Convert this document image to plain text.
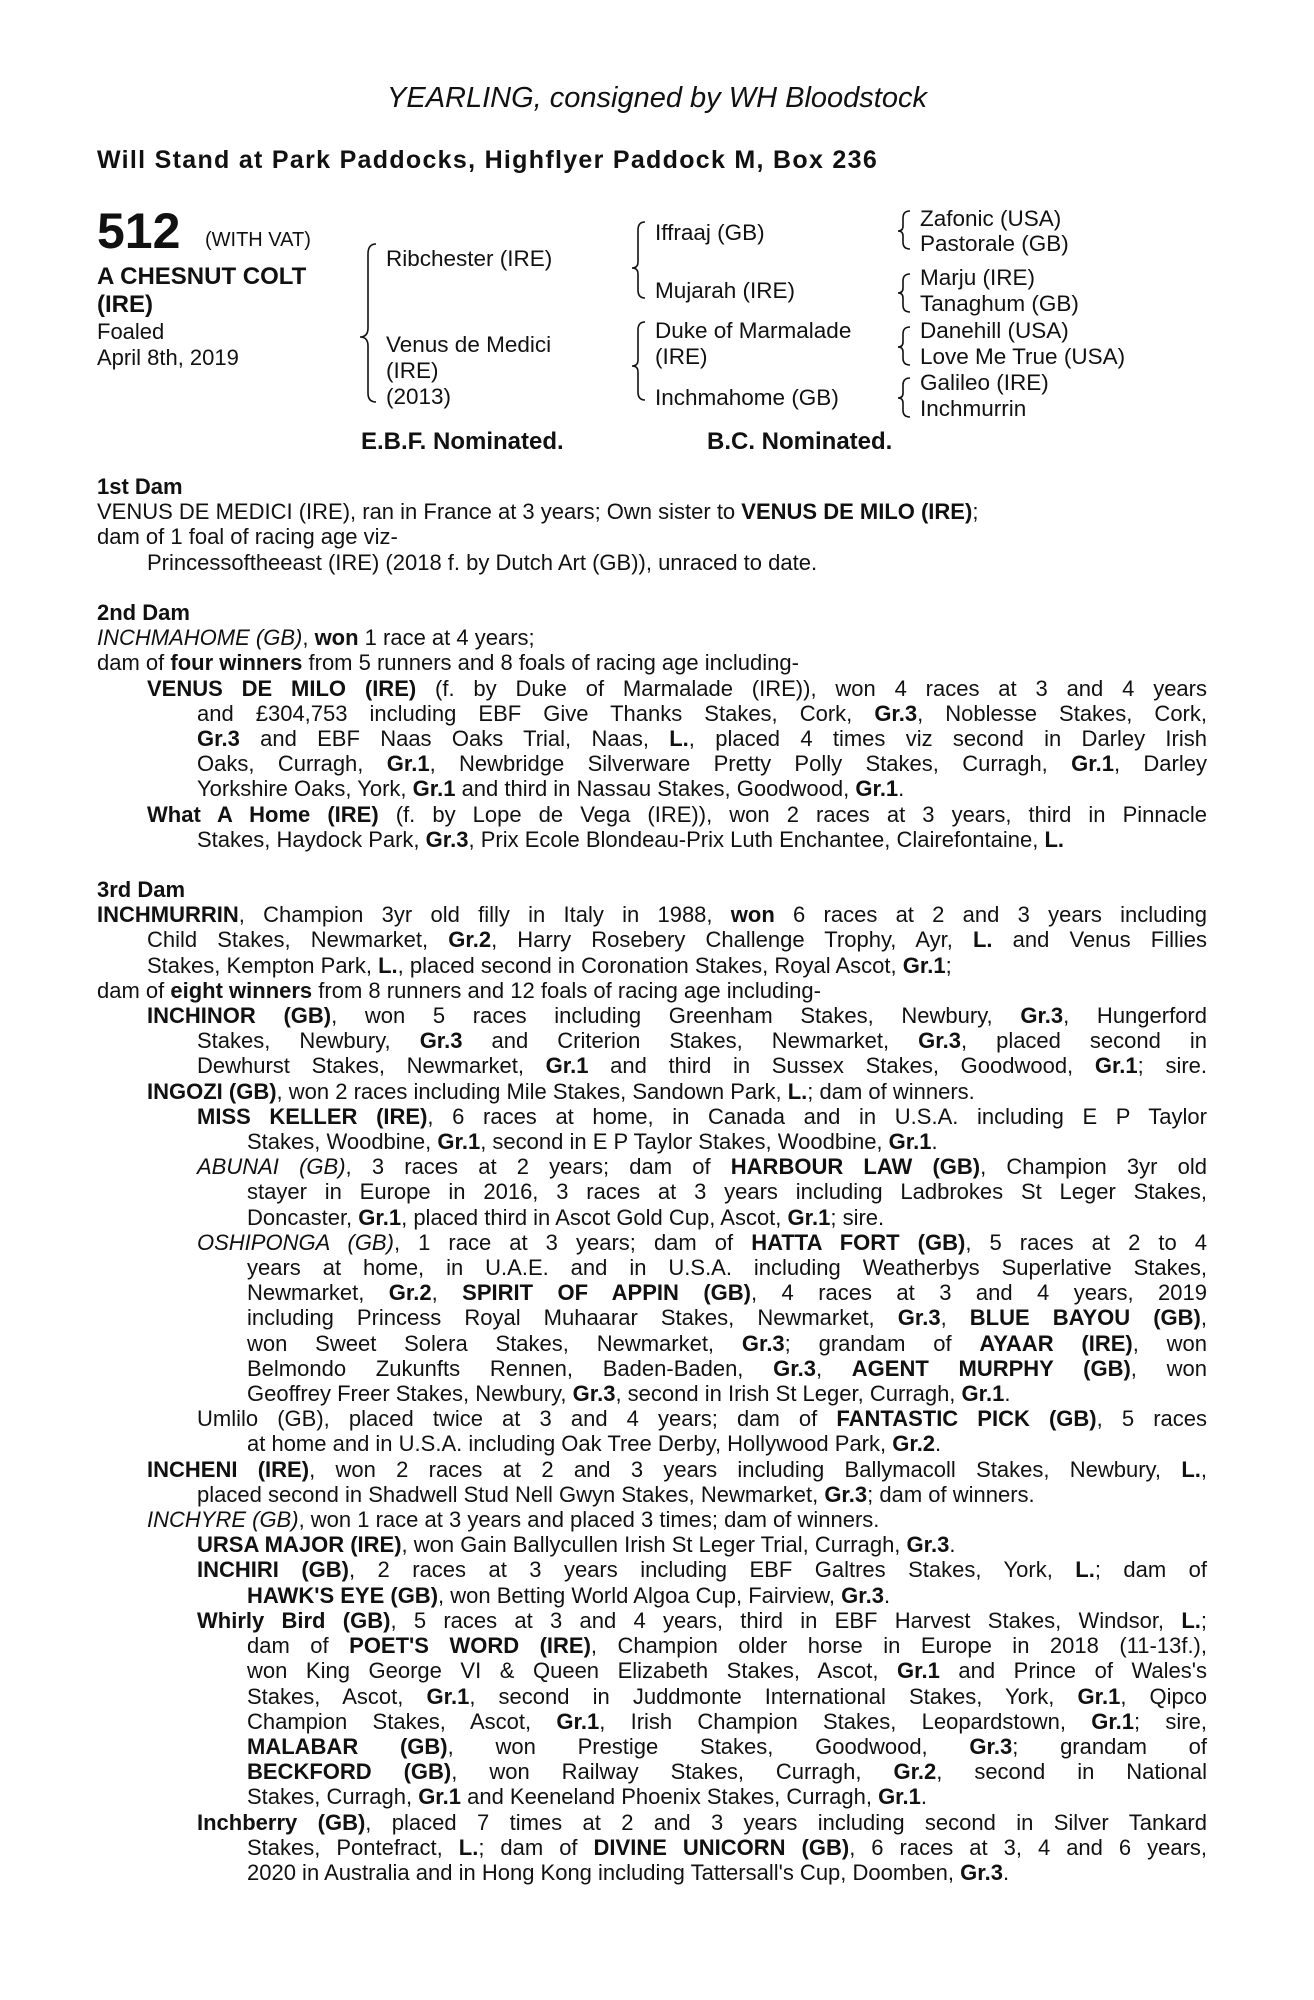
YEARLING, consigned by WH Bloodstock
Will Stand at Park Paddocks, Highflyer Paddock M, Box 236
512 (WITH VAT)
A CHESNUT COLT
(IRE)
Foaled
April 8th, 2019
Ribchester (IRE)
Venus de Medici
(IRE)
(2013)
Iffraaj (GB)
Mujarah (IRE)
Duke of Marmalade
(IRE)
Inchmahome (GB)
Zafonic (USA)
Pastorale (GB)
Marju (IRE)
Tanaghum (GB)
Danehill (USA)
Love Me True (USA)
Galileo (IRE)
Inchmurrin
E.B.F. Nominated.	B.C. Nominated.
1st Dam
VENUS DE MEDICI (IRE), ran in France at 3 years; Own sister to VENUS DE MILO (IRE);
dam of 1 foal of racing age viz-
Princessoftheeast (IRE) (2018 f. by Dutch Art (GB)), unraced to date.
2nd Dam
INCHMAHOME (GB), won 1 race at 4 years;
dam of four winners from 5 runners and 8 foals of racing age including-
VENUS DE MILO (IRE) (f. by Duke of Marmalade (IRE)), won 4 races at 3 and 4 years
and £304,753 including EBF Give Thanks Stakes, Cork, Gr.3, Noblesse Stakes, Cork,
Gr.3 and EBF Naas Oaks Trial, Naas, L., placed 4 times viz second in Darley Irish
Oaks, Curragh, Gr.1, Newbridge Silverware Pretty Polly Stakes, Curragh, Gr.1, Darley
Yorkshire Oaks, York, Gr.1 and third in Nassau Stakes, Goodwood, Gr.1.
What A Home (IRE) (f. by Lope de Vega (IRE)), won 2 races at 3 years, third in Pinnacle
Stakes, Haydock Park, Gr.3, Prix Ecole Blondeau-Prix Luth Enchantee, Clairefontaine, L.
3rd Dam
INCHMURRIN, Champion 3yr old filly in Italy in 1988, won 6 races at 2 and 3 years including
Child Stakes, Newmarket, Gr.2, Harry Rosebery Challenge Trophy, Ayr, L. and Venus Fillies
Stakes, Kempton Park, L., placed second in Coronation Stakes, Royal Ascot, Gr.1;
dam of eight winners from 8 runners and 12 foals of racing age including-
INCHINOR (GB), won 5 races including Greenham Stakes, Newbury, Gr.3, Hungerford
Stakes, Newbury, Gr.3 and Criterion Stakes, Newmarket, Gr.3, placed second in
Dewhurst Stakes, Newmarket, Gr.1 and third in Sussex Stakes, Goodwood, Gr.1; sire.
INGOZI (GB), won 2 races including Mile Stakes, Sandown Park, L.; dam of winners.
MISS KELLER (IRE), 6 races at home, in Canada and in U.S.A. including E P Taylor
Stakes, Woodbine, Gr.1, second in E P Taylor Stakes, Woodbine, Gr.1.
ABUNAI (GB), 3 races at 2 years; dam of HARBOUR LAW (GB), Champion 3yr old
stayer in Europe in 2016, 3 races at 3 years including Ladbrokes St Leger Stakes,
Doncaster, Gr.1, placed third in Ascot Gold Cup, Ascot, Gr.1; sire.
OSHIPONGA (GB), 1 race at 3 years; dam of HATTA FORT (GB), 5 races at 2 to 4
years at home, in U.A.E. and in U.S.A. including Weatherbys Superlative Stakes,
Newmarket, Gr.2, SPIRIT OF APPIN (GB), 4 races at 3 and 4 years, 2019
including Princess Royal Muhaarar Stakes, Newmarket, Gr.3, BLUE BAYOU (GB),
won Sweet Solera Stakes, Newmarket, Gr.3; grandam of AYAAR (IRE), won
Belmondo Zukunfts Rennen, Baden-Baden, Gr.3, AGENT MURPHY (GB), won
Geoffrey Freer Stakes, Newbury, Gr.3, second in Irish St Leger, Curragh, Gr.1.
Umlilo (GB), placed twice at 3 and 4 years; dam of FANTASTIC PICK (GB), 5 races
at home and in U.S.A. including Oak Tree Derby, Hollywood Park, Gr.2.
INCHENI (IRE), won 2 races at 2 and 3 years including Ballymacoll Stakes, Newbury, L.,
placed second in Shadwell Stud Nell Gwyn Stakes, Newmarket, Gr.3; dam of winners.
INCHYRE (GB), won 1 race at 3 years and placed 3 times; dam of winners.
URSA MAJOR (IRE), won Gain Ballycullen Irish St Leger Trial, Curragh, Gr.3.
INCHIRI (GB), 2 races at 3 years including EBF Galtres Stakes, York, L.; dam of
HAWK'S EYE (GB), won Betting World Algoa Cup, Fairview, Gr.3.
Whirly Bird (GB), 5 races at 3 and 4 years, third in EBF Harvest Stakes, Windsor, L.;
dam of POET'S WORD (IRE), Champion older horse in Europe in 2018 (11-13f.),
won King George VI & Queen Elizabeth Stakes, Ascot, Gr.1 and Prince of Wales's
Stakes, Ascot, Gr.1, second in Juddmonte International Stakes, York, Gr.1, Qipco
Champion Stakes, Ascot, Gr.1, Irish Champion Stakes, Leopardstown, Gr.1; sire,
MALABAR (GB), won Prestige Stakes, Goodwood, Gr.3; grandam of
BECKFORD (GB), won Railway Stakes, Curragh, Gr.2, second in National
Stakes, Curragh, Gr.1 and Keeneland Phoenix Stakes, Curragh, Gr.1.
Inchberry (GB), placed 7 times at 2 and 3 years including second in Silver Tankard
Stakes, Pontefract, L.; dam of DIVINE UNICORN (GB), 6 races at 3, 4 and 6 years,
2020 in Australia and in Hong Kong including Tattersall's Cup, Doomben, Gr.3.
